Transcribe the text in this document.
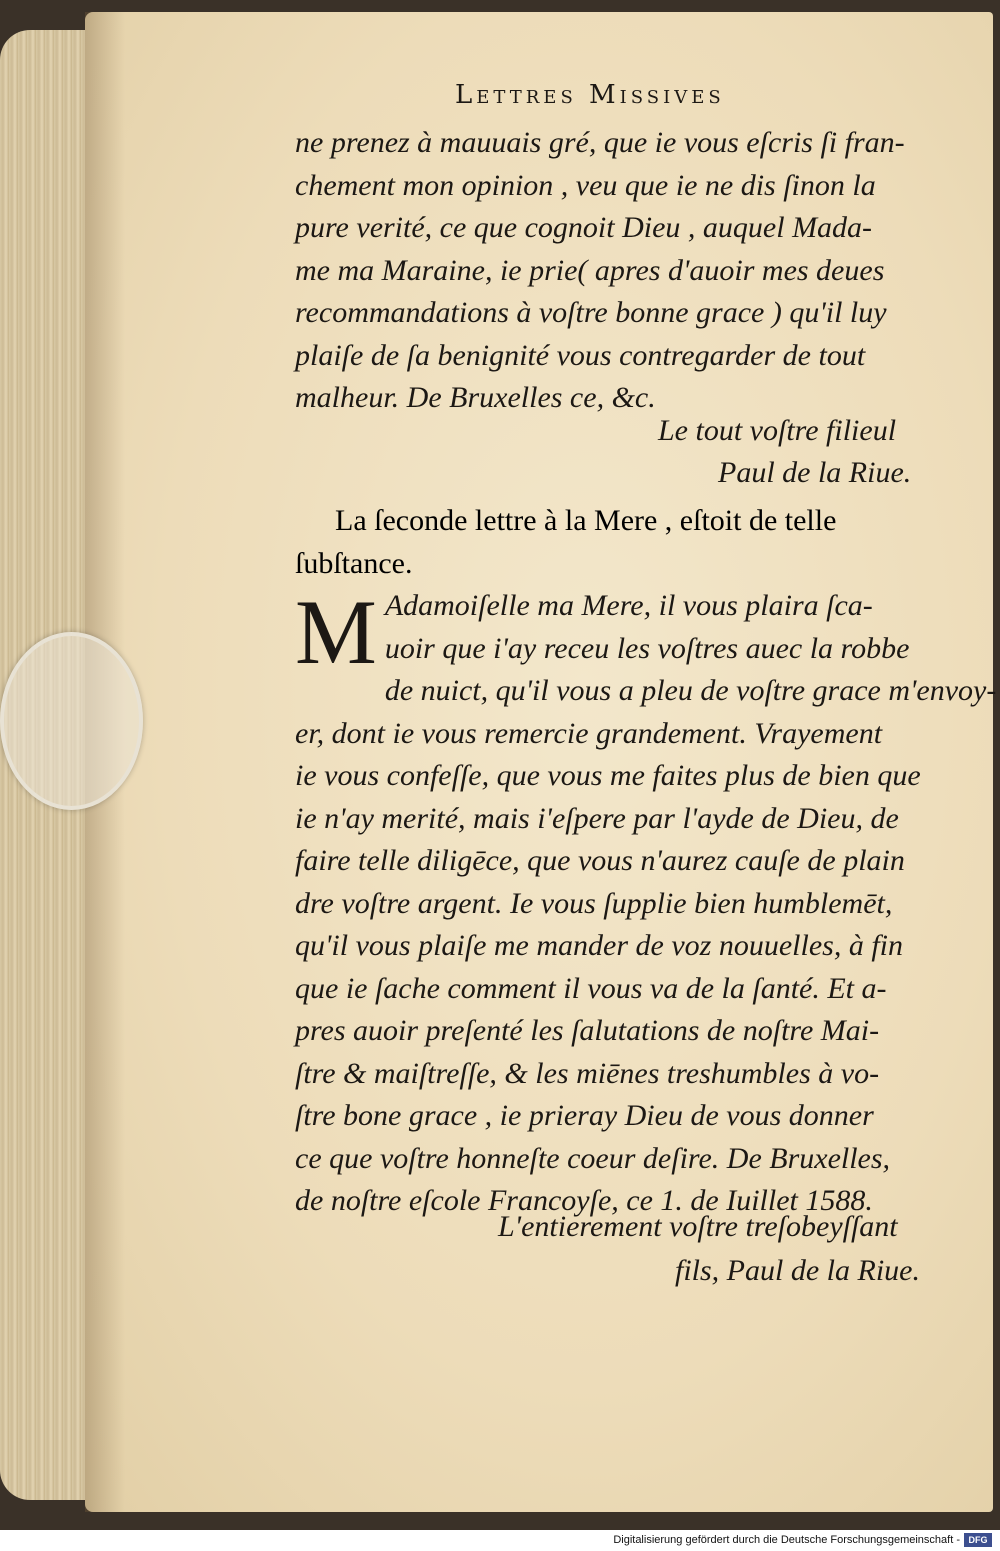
Lettres Missives
ne prenez à mauuais gré, que ie vous eſcris ſi fran-
chement mon opinion , veu que ie ne dis ſinon la
pure verité, ce que cognoit Dieu , auquel Mada-
me ma Maraine, ie prie( apres d'auoir mes deues
recommandations à voſtre bonne grace ) qu'il luy
plaiſe de ſa benignité vous contregarder de tout
malheur. De Bruxelles ce, &c.
Le tout voſtre filieul
Paul de la Riue.
La ſeconde lettre à la Mere , eſtoit de telle
ſubſtance.
M Adamoiſelle ma Mere, il vous plaira ſca-
uoir que i'ay receu les voſtres auec la robbe
de nuict, qu'il vous a pleu de voſtre grace m'envoy-
er, dont ie vous remercie grandement. Vrayement
ie vous confeſſe, que vous me faites plus de bien que
ie n'ay merité, mais i'eſpere par l'ayde de Dieu, de
faire telle diligēce, que vous n'aurez cauſe de plain
dre voſtre argent. Ie vous ſupplie bien humblemēt,
qu'il vous plaiſe me mander de voz nouuelles, à fin
que ie ſache comment il vous va de la ſanté. Et a-
pres auoir preſenté les ſalutations de noſtre Mai-
ſtre & maiſtreſſe, & les miēnes treshumbles à vo-
ſtre bone grace , ie prieray Dieu de vous donner
ce que voſtre honneſte coeur deſire. De Bruxelles,
de noſtre eſcole Francoyſe, ce 1. de Iuillet 1588.
L'entierement voſtre treſobeyſſant
fils, Paul de la Riue.
Digitalisierung gefördert durch die Deutsche Forschungsgemeinschaft - DFG
